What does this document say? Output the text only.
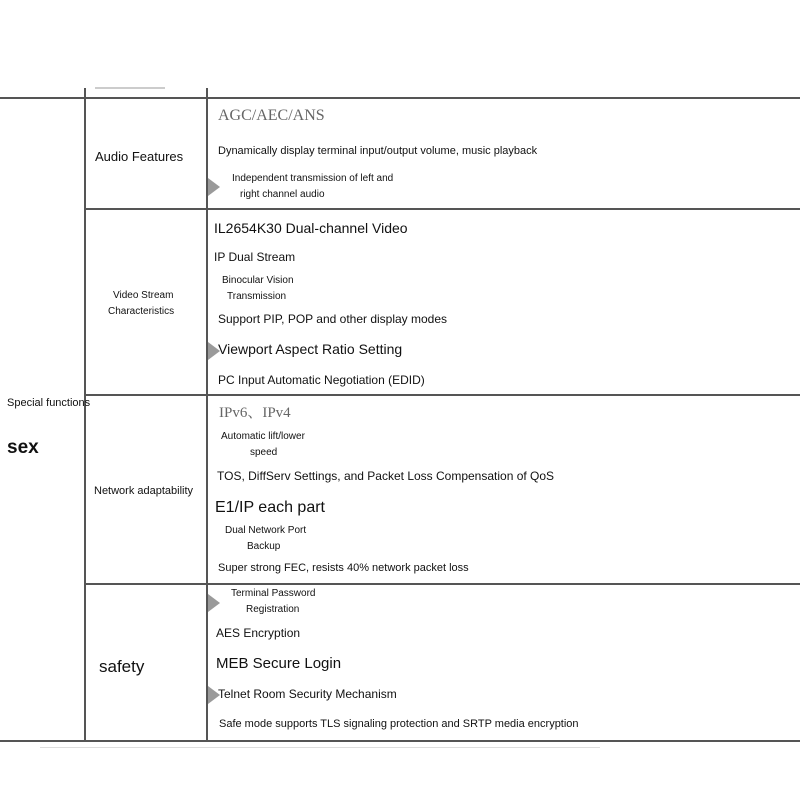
Special functions
sex
Audio Features
AGC/AEC/ANS
Dynamically display terminal input/output volume, music playback
Independent transmission of left and
right channel audio
Video Stream
Characteristics
IL2654K30 Dual-channel Video
IP Dual Stream
Binocular Vision
Transmission
Support PIP, POP and other display modes
Viewport Aspect Ratio Setting
PC Input Automatic Negotiation (EDID)
Network adaptability
IPv6、IPv4
Automatic lift/lower
speed
TOS, DiffServ Settings, and Packet Loss Compensation of QoS
E1/IP each part
Dual Network Port
Backup
Super strong FEC, resists 40% network packet loss
safety
Terminal Password
Registration
AES Encryption
MEB Secure Login
Telnet Room Security Mechanism
Safe mode supports TLS signaling protection and SRTP media encryption
